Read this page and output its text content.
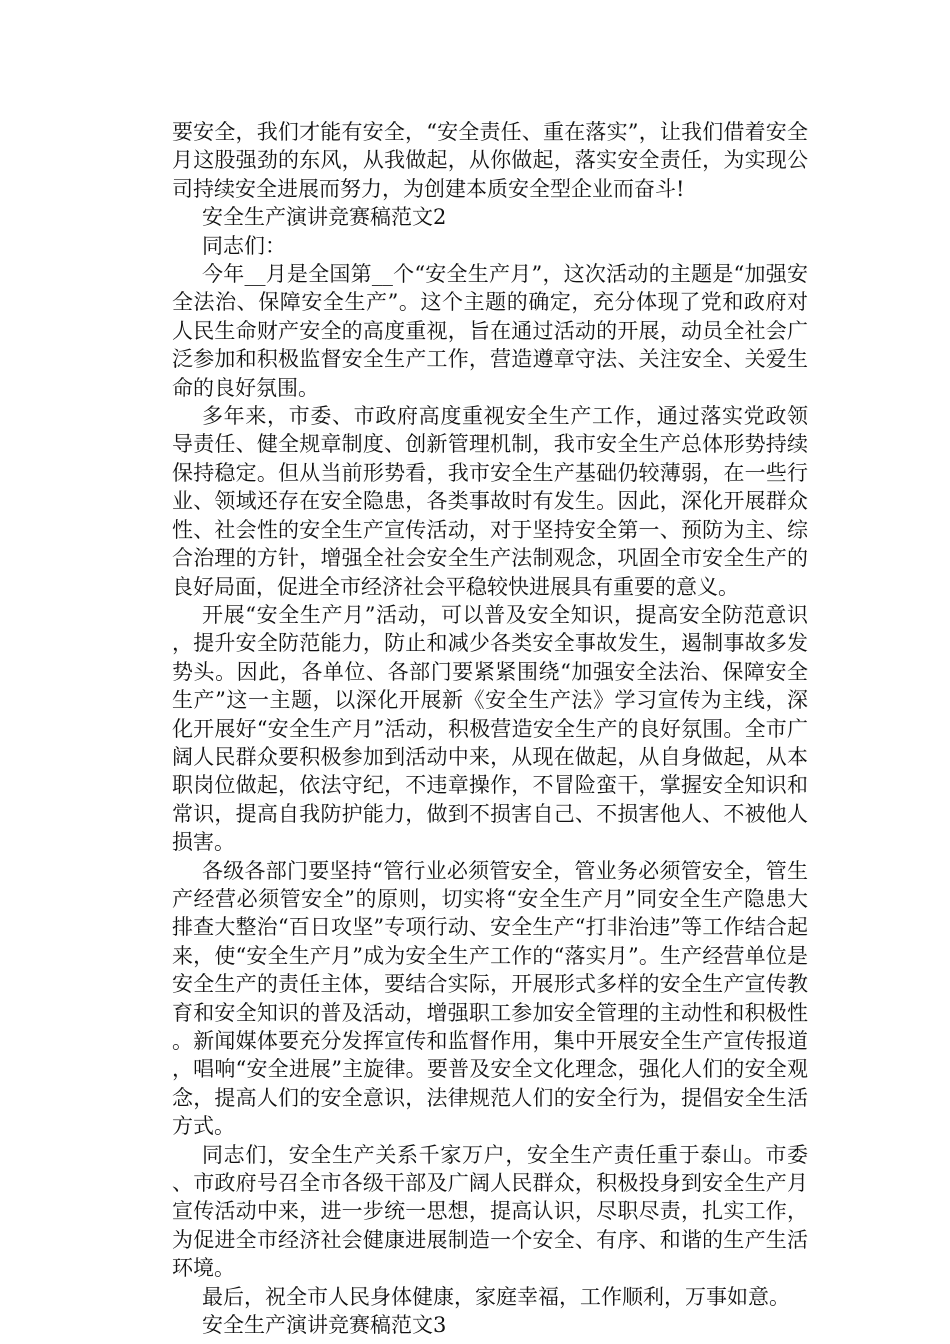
要安全，我们才能有安全，“安全责任、重在落实”，让我们借着安全月这股强劲的东风，从我做起，从你做起，落实安全责任，为实现公司持续安全进展而努力，为创建本质安全型企业而奋斗!

安全生产演讲竞赛稿范文2

同志们：

今年__月是全国第__个“安全生产月”，这次活动的主题是“加强安全法治、保障安全生产”。这个主题的确定，充分体现了党和政府对人民生命财产安全的高度重视，旨在通过活动的开展，动员全社会广泛参加和积极监督安全生产工作，营造遵章守法、关注安全、关爱生命的良好氛围。

多年来，市委、市政府高度重视安全生产工作，通过落实党政领导责任、健全规章制度、创新管理机制，我市安全生产总体形势持续保持稳定。但从当前形势看，我市安全生产基础仍较薄弱，在一些行业、领域还存在安全隐患，各类事故时有发生。因此，深化开展群众性、社会性的安全生产宣传活动，对于坚持安全第一、预防为主、综合治理的方针，增强全社会安全生产法制观念，巩固全市安全生产的良好局面，促进全市经济社会平稳较快进展具有重要的意义。

开展“安全生产月”活动，可以普及安全知识，提高安全防范意识，提升安全防范能力，防止和减少各类安全事故发生，遏制事故多发势头。因此，各单位、各部门要紧紧围绕“加强安全法治、保障安全生产”这一主题，以深化开展新《安全生产法》学习宣传为主线，深化开展好“安全生产月”活动，积极营造安全生产的良好氛围。全市广阔人民群众要积极参加到活动中来，从现在做起，从自身做起，从本职岗位做起，依法守纪，不违章操作，不冒险蛮干，掌握安全知识和常识，提高自我防护能力，做到不损害自己、不损害他人、不被他人损害。

各级各部门要坚持“管行业必须管安全，管业务必须管安全，管生产经营必须管安全”的原则，切实将“安全生产月”同安全生产隐患大排查大整治“百日攻坚”专项行动、安全生产“打非治违”等工作结合起来，使“安全生产月”成为安全生产工作的“落实月”。生产经营单位是安全生产的责任主体，要结合实际，开展形式多样的安全生产宣传教育和安全知识的普及活动，增强职工参加安全管理的主动性和积极性。新闻媒体要充分发挥宣传和监督作用，集中开展安全生产宣传报道，唱响“安全进展”主旋律。要普及安全文化理念，强化人们的安全观念，提高人们的安全意识，法律规范人们的安全行为，提倡安全生活方式。

同志们，安全生产关系千家万户，安全生产责任重于泰山。市委、市政府号召全市各级干部及广阔人民群众，积极投身到安全生产月宣传活动中来，进一步统一思想，提高认识，尽职尽责，扎实工作，为促进全市经济社会健康进展制造一个安全、有序、和谐的生产生活环境。

最后，祝全市人民身体健康，家庭幸福，工作顺利，万事如意。

安全生产演讲竞赛稿范文3
